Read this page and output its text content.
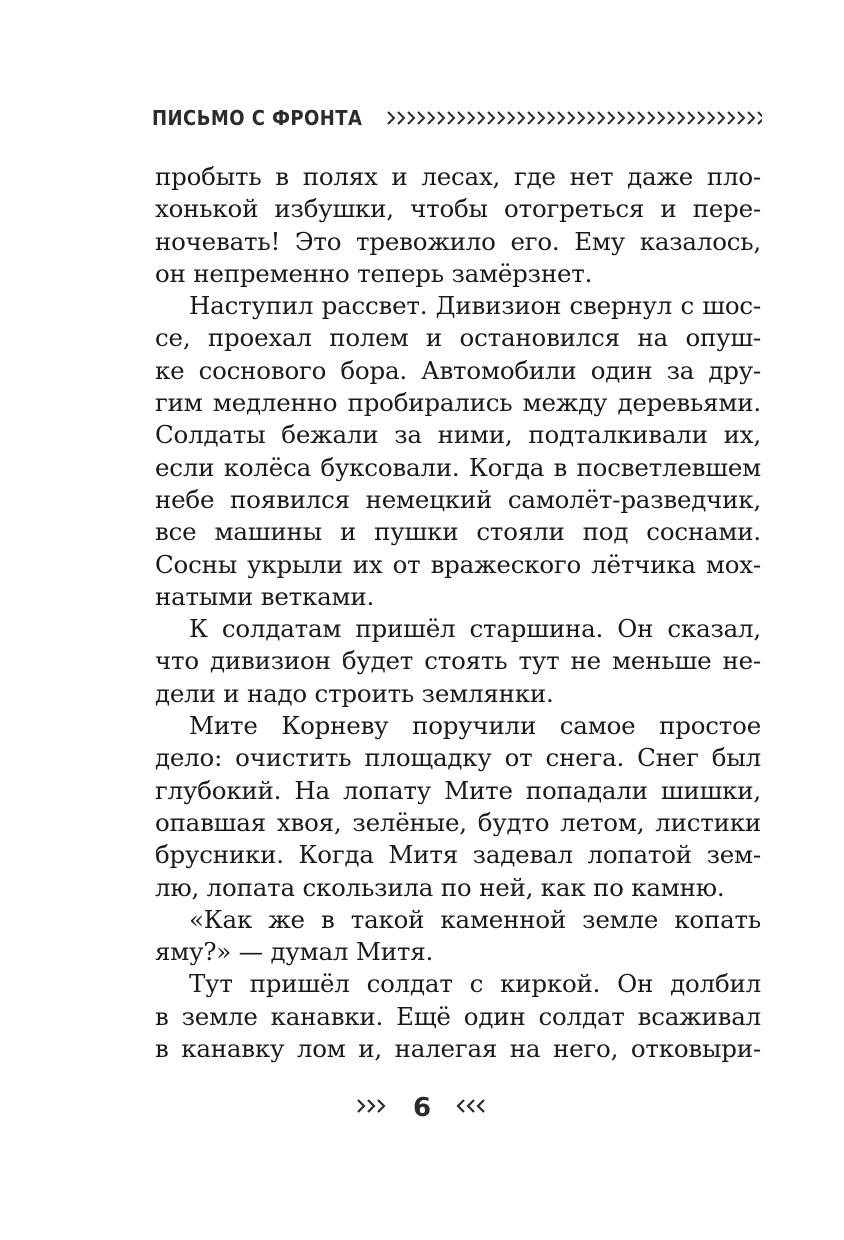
ПИСЬМО С ФРОНТА
пробыть в полях и лесах, где нет даже пло-
хонькой избушки, чтобы отогреться и пере-
ночевать! Это тревожило его. Ему казалось,
он непременно теперь замёрзнет.
Наступил рассвет. Дивизион свернул с шос-
се, проехал полем и остановился на опуш-
ке соснового бора. Автомобили один за дру-
гим медленно пробирались между деревьями.
Солдаты бежали за ними, подталкивали их,
если колёса буксовали. Когда в посветлевшем
небе появился немецкий самолёт-разведчик,
все машины и пушки стояли под соснами.
Сосны укрыли их от вражеского лётчика мох-
натыми ветками.
К солдатам пришёл старшина. Он сказал,
что дивизион будет стоять тут не меньше не-
дели и надо строить землянки.
Мите Корневу поручили самое простое
дело: очистить площадку от снега. Снег был
глубокий. На лопату Мите попадали шишки,
опавшая хвоя, зелёные, будто летом, листики
брусники. Когда Митя задевал лопатой зем-
лю, лопата скользила по ней, как по камню.
«Как же в такой каменной земле копать
яму?» — думал Митя.
Тут пришёл солдат с киркой. Он долбил
в земле канавки. Ещё один солдат всаживал
в канавку лом и, налегая на него, отковыри-
6
